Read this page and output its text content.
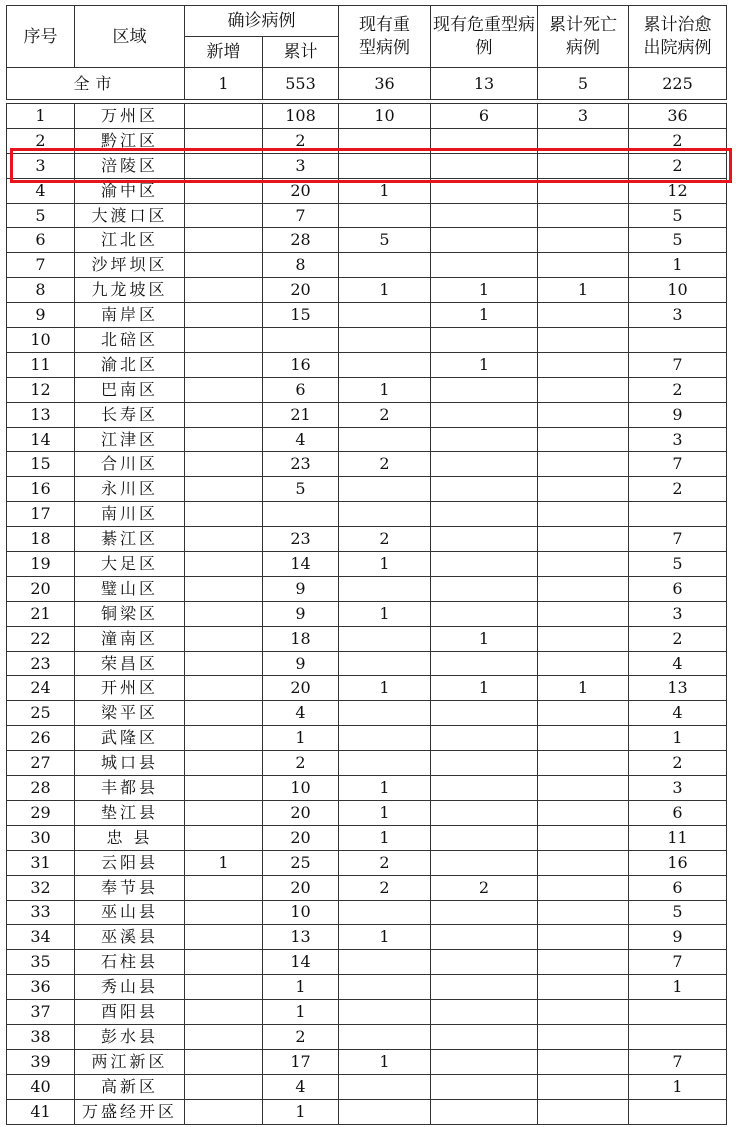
序号	区域	确诊病例		现有重型病例	现有危重型病例	累计死亡病例	累计治愈出院病例
		新增	累计				
全市		1	553	36	13	5	225

1	万州区		108	10	6	3	36
2	黔江区		2				2
3	涪陵区		3				2
4	渝中区		20	1			12
5	大渡口区		7				5
6	江北区		28	5			5
7	沙坪坝区		8				1
8	九龙坡区		20	1	1	1	10
9	南岸区		15		1		3
10	北碚区						
11	渝北区		16		1		7
12	巴南区		6	1			2
13	长寿区		21	2			9
14	江津区		4				3
15	合川区		23	2			7
16	永川区		5				2
17	南川区						
18	綦江区		23	2			7
19	大足区		14	1			5
20	璧山区		9				6
21	铜梁区		9	1			3
22	潼南区		18		1		2
23	荣昌区		9				4
24	开州区		20	1	1	1	13
25	梁平区		4				4
26	武隆区		1				1
27	城口县		2				2
28	丰都县		10	1			3
29	垫江县		20	1			6
30	忠 县		20	1			11
31	云阳县	1	25	2			16
32	奉节县		20	2	2		6
33	巫山县		10				5
34	巫溪县		13	1			9
35	石柱县		14				7
36	秀山县		1				1
37	酉阳县		1				
38	彭水县		2				
39	两江新区		17	1			7
40	高新区		4				1
41	万盛经开区		1				
